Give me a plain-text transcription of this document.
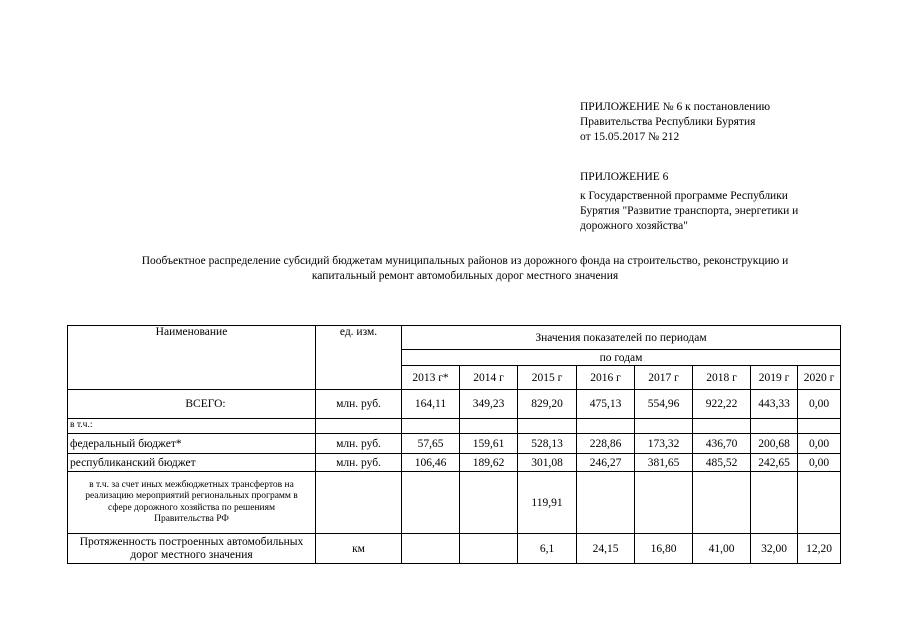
ПРИЛОЖЕНИЕ № 6 к постановлению
Правительства Республики Бурятия
от 15.05.2017 № 212
ПРИЛОЖЕНИЕ 6
к Государственной программе Республики
Бурятия "Развитие транспорта, энергетики и
дорожного хозяйства"
Пообъектное распределение субсидий бюджетам муниципальных районов из дорожного фонда на строительство, реконструкцию и
капитальный ремонт автомобильных дорог местного значения
Наименование	ед. изм.	Значения показателей по периодам							
		по годам							
		2013 г*	2014 г	2015 г	2016 г	2017 г	2018 г	2019 г	2020 г
ВСЕГО:	млн. руб.	164,11	349,23	829,20	475,13	554,96	922,22	443,33	0,00
в т.ч.:									
федеральный бюджет*	млн. руб.	57,65	159,61	528,13	228,86	173,32	436,70	200,68	0,00
республиканский бюджет	млн. руб.	106,46	189,62	301,08	246,27	381,65	485,52	242,65	0,00

в т.ч. за счет иных межбюджетных трансфертов на
реализацию мероприятий региональных программ в
сфере дорожного хозяйства по решениям
Правительства РФ				119,91					

Протяженность построенных автомобильных
дорог местного значения	км			6,1	24,15	16,80	41,00	32,00	12,20
